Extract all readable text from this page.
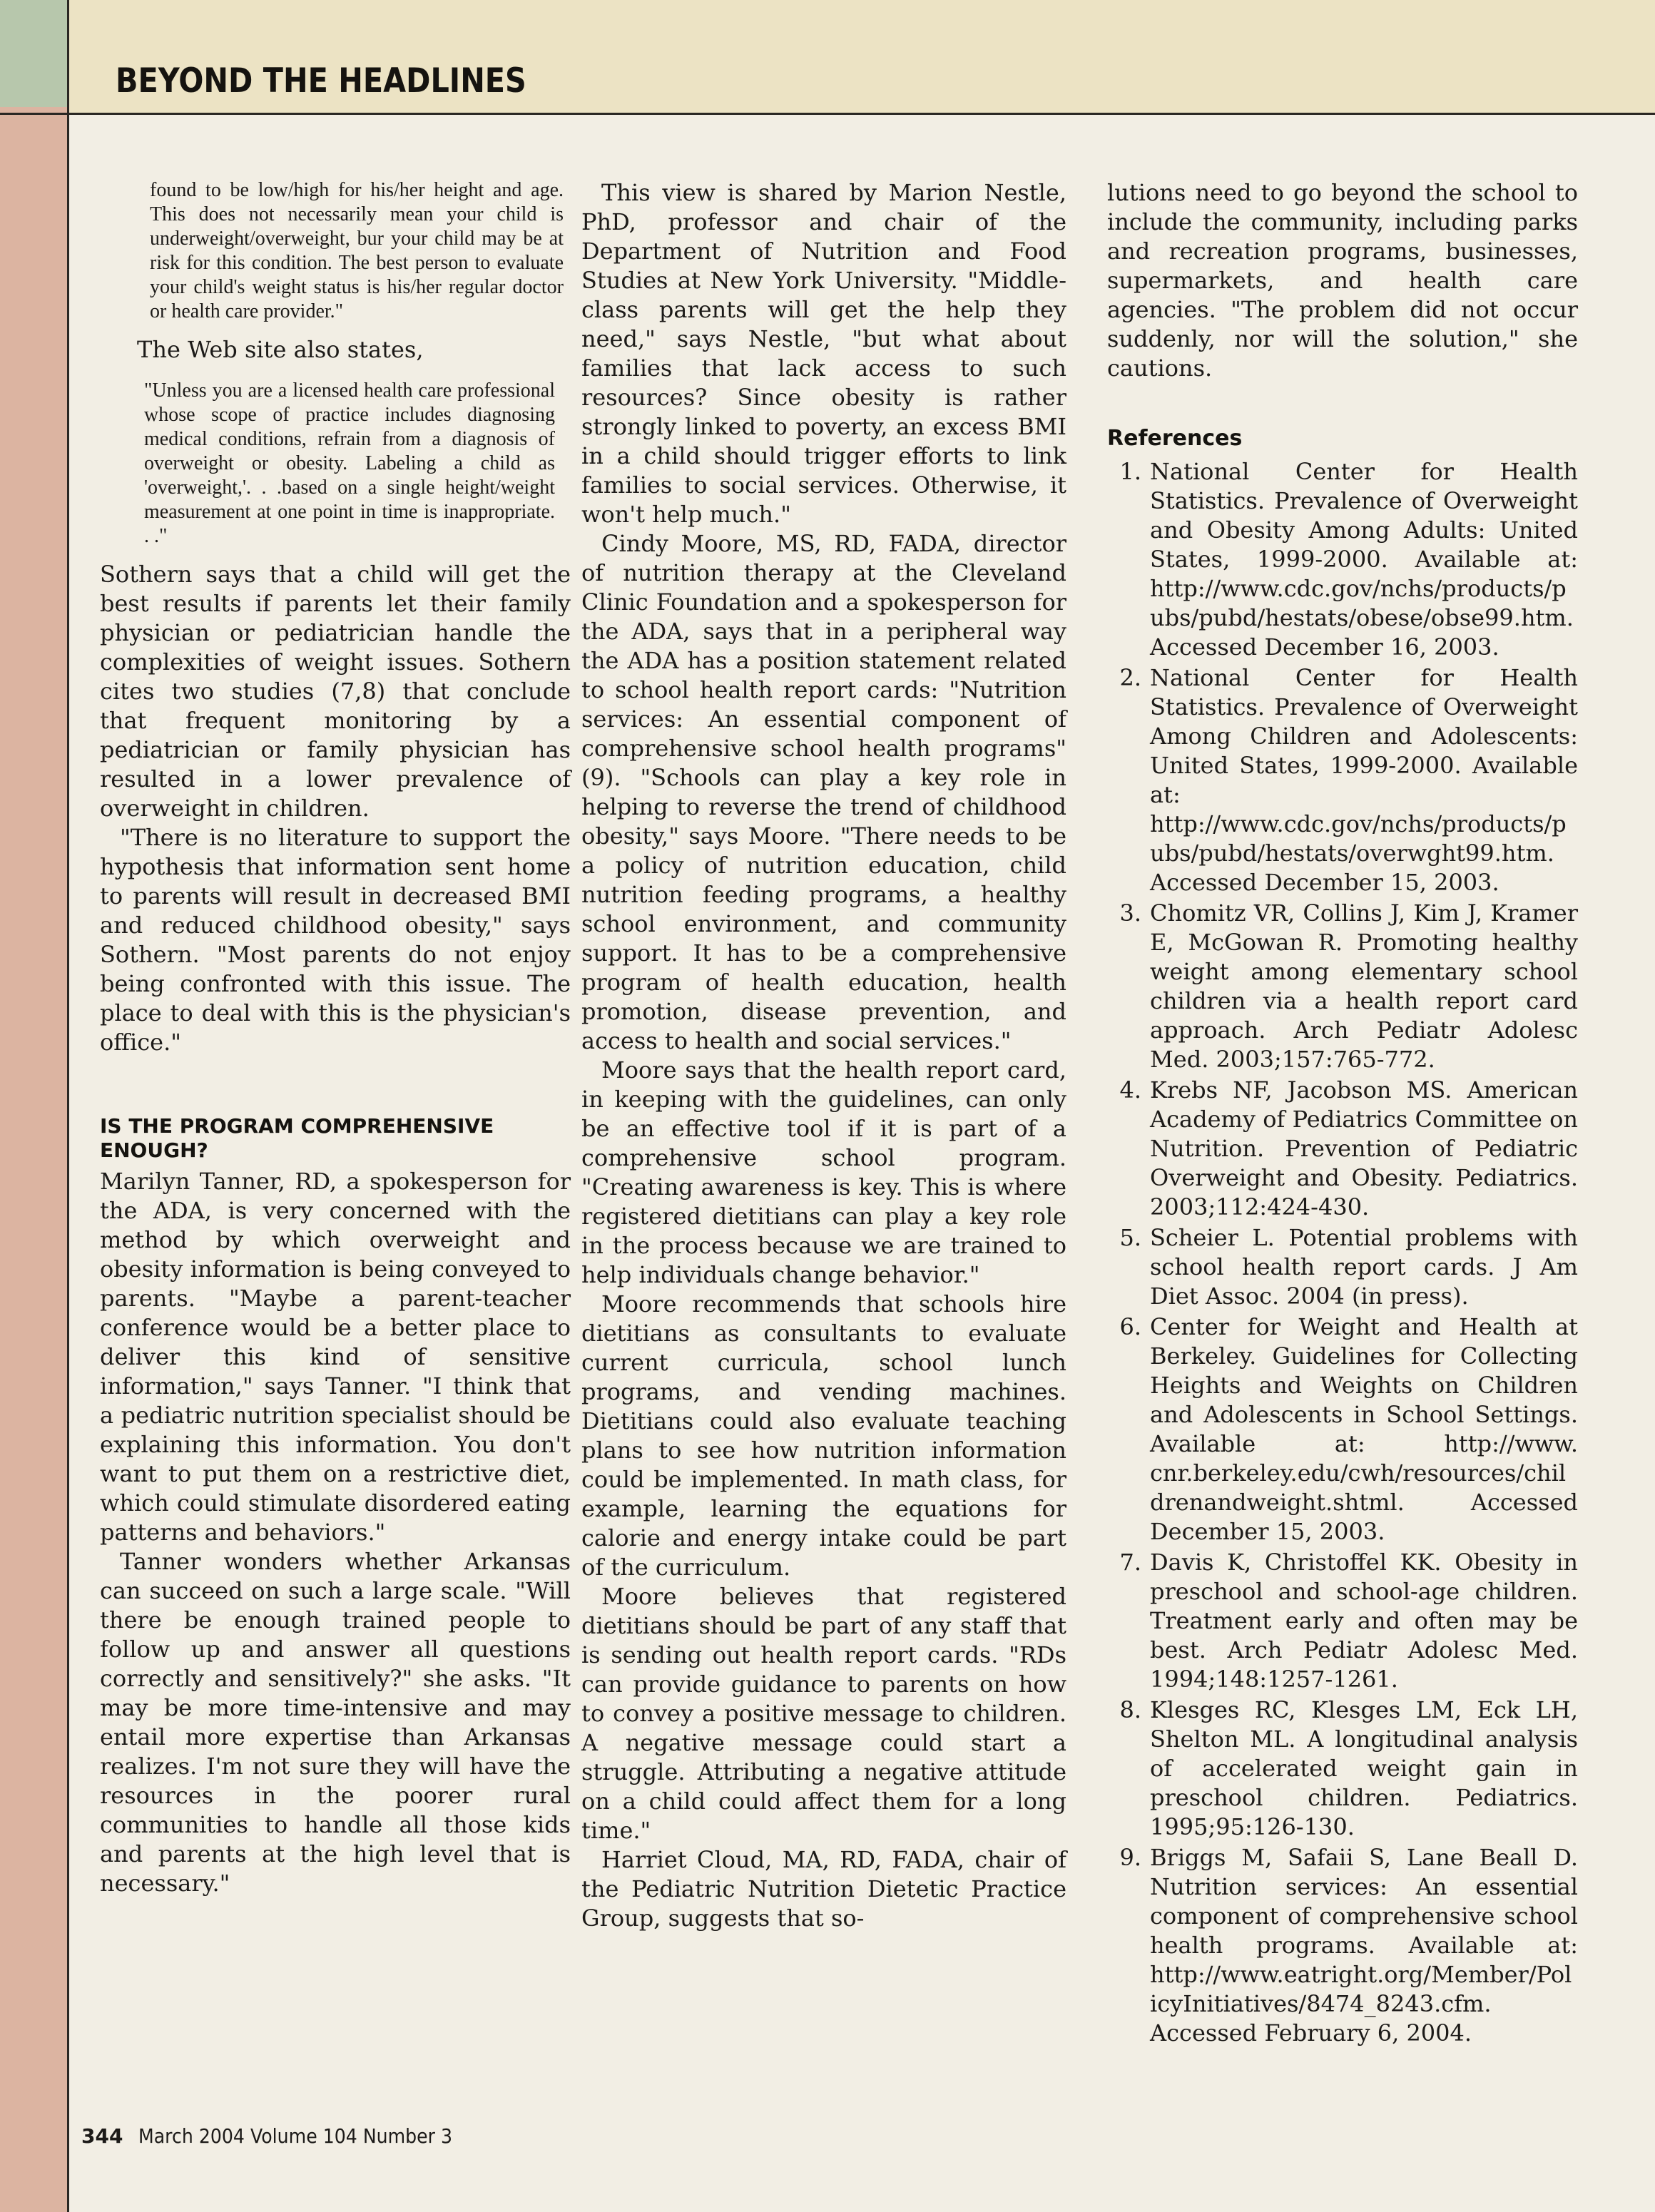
BEYOND THE HEADLINES

found to be low/high for his/her height and age. This does not necessarily mean your child is underweight/overweight, bur your child may be at risk for this condition. The best person to evaluate your child's weight status is his/her regular doctor or health care provider."

The Web site also states,

"Unless you are a licensed health care professional whose scope of practice includes diagnosing medical conditions, refrain from a diagnosis of overweight or obesity. Labeling a child as 'overweight,'. . .based on a single height/weight measurement at one point in time is inappropriate. . ."

Sothern says that a child will get the best results if parents let their family physician or pediatrician handle the complexities of weight issues. Sothern cites two studies (7,8) that conclude that frequent monitoring by a pediatrician or family physician has resulted in a lower prevalence of overweight in children.

"There is no literature to support the hypothesis that information sent home to parents will result in decreased BMI and reduced childhood obesity," says Sothern. "Most parents do not enjoy being confronted with this issue. The place to deal with this is the physician's office."

IS THE PROGRAM COMPREHENSIVE ENOUGH?

Marilyn Tanner, RD, a spokesperson for the ADA, is very concerned with the method by which overweight and obesity information is being conveyed to parents. "Maybe a parent-teacher conference would be a better place to deliver this kind of sensitive information," says Tanner. "I think that a pediatric nutrition specialist should be explaining this information. You don't want to put them on a restrictive diet, which could stimulate disordered eating patterns and behaviors."

Tanner wonders whether Arkansas can succeed on such a large scale. "Will there be enough trained people to follow up and answer all questions correctly and sensitively?" she asks. "It may be more time-intensive and may entail more expertise than Arkansas realizes. I'm not sure they will have the resources in the poorer rural communities to handle all those kids and parents at the high level that is necessary."

This view is shared by Marion Nestle, PhD, professor and chair of the Department of Nutrition and Food Studies at New York University. "Middle-class parents will get the help they need," says Nestle, "but what about families that lack access to such resources? Since obesity is rather strongly linked to poverty, an excess BMI in a child should trigger efforts to link families to social services. Otherwise, it won't help much."

Cindy Moore, MS, RD, FADA, director of nutrition therapy at the Cleveland Clinic Foundation and a spokesperson for the ADA, says that in a peripheral way the ADA has a position statement related to school health report cards: "Nutrition services: An essential component of comprehensive school health programs" (9). "Schools can play a key role in helping to reverse the trend of childhood obesity," says Moore. "There needs to be a policy of nutrition education, child nutrition feeding programs, a healthy school environment, and community support. It has to be a comprehensive program of health education, health promotion, disease prevention, and access to health and social services."

Moore says that the health report card, in keeping with the guidelines, can only be an effective tool if it is part of a comprehensive school program. "Creating awareness is key. This is where registered dietitians can play a key role in the process because we are trained to help individuals change behavior."

Moore recommends that schools hire dietitians as consultants to evaluate current curricula, school lunch programs, and vending machines. Dietitians could also evaluate teaching plans to see how nutrition information could be implemented. In math class, for example, learning the equations for calorie and energy intake could be part of the curriculum.

Moore believes that registered dietitians should be part of any staff that is sending out health report cards. "RDs can provide guidance to parents on how to convey a positive message to children. A negative message could start a struggle. Attributing a negative attitude on a child could affect them for a long time."

Harriet Cloud, MA, RD, FADA, chair of the Pediatric Nutrition Dietetic Practice Group, suggests that so-

lutions need to go beyond the school to include the community, including parks and recreation programs, businesses, supermarkets, and health care agencies. "The problem did not occur suddenly, nor will the solution," she cautions.

References
1. National Center for Health Statistics. Prevalence of Overweight and Obesity Among Adults: United States, 1999-2000. Available at: http://www.cdc.gov/nchs/products/pubs/pubd/hestats/obese/obse99.htm. Accessed December 16, 2003.
2. National Center for Health Statistics. Prevalence of Overweight Among Children and Adolescents: United States, 1999-2000. Available at: http://www.cdc.gov/nchs/products/pubs/pubd/hestats/overwght99.htm. Accessed December 15, 2003.
3. Chomitz VR, Collins J, Kim J, Kramer E, McGowan R. Promoting healthy weight among elementary school children via a health report card approach. Arch Pediatr Adolesc Med. 2003;157:765-772.
4. Krebs NF, Jacobson MS. American Academy of Pediatrics Committee on Nutrition. Prevention of Pediatric Overweight and Obesity. Pediatrics. 2003;112:424-430.
5. Scheier L. Potential problems with school health report cards. J Am Diet Assoc. 2004 (in press).
6. Center for Weight and Health at Berkeley. Guidelines for Collecting Heights and Weights on Children and Adolescents in School Settings. Available at: http://www. cnr.berkeley.edu/cwh/resources/childrenandweight.shtml. Accessed December 15, 2003.
7. Davis K, Christoffel KK. Obesity in preschool and school-age children. Treatment early and often may be best. Arch Pediatr Adolesc Med. 1994;148:1257-1261.
8. Klesges RC, Klesges LM, Eck LH, Shelton ML. A longitudinal analysis of accelerated weight gain in preschool children. Pediatrics. 1995;95:126-130.
9. Briggs M, Safaii S, Lane Beall D. Nutrition services: An essential component of comprehensive school health programs. Available at: http://www.eatright.org/Member/PolicyInitiatives/8474_8243.cfm. Accessed February 6, 2004.
344 March 2004 Volume 104 Number 3
